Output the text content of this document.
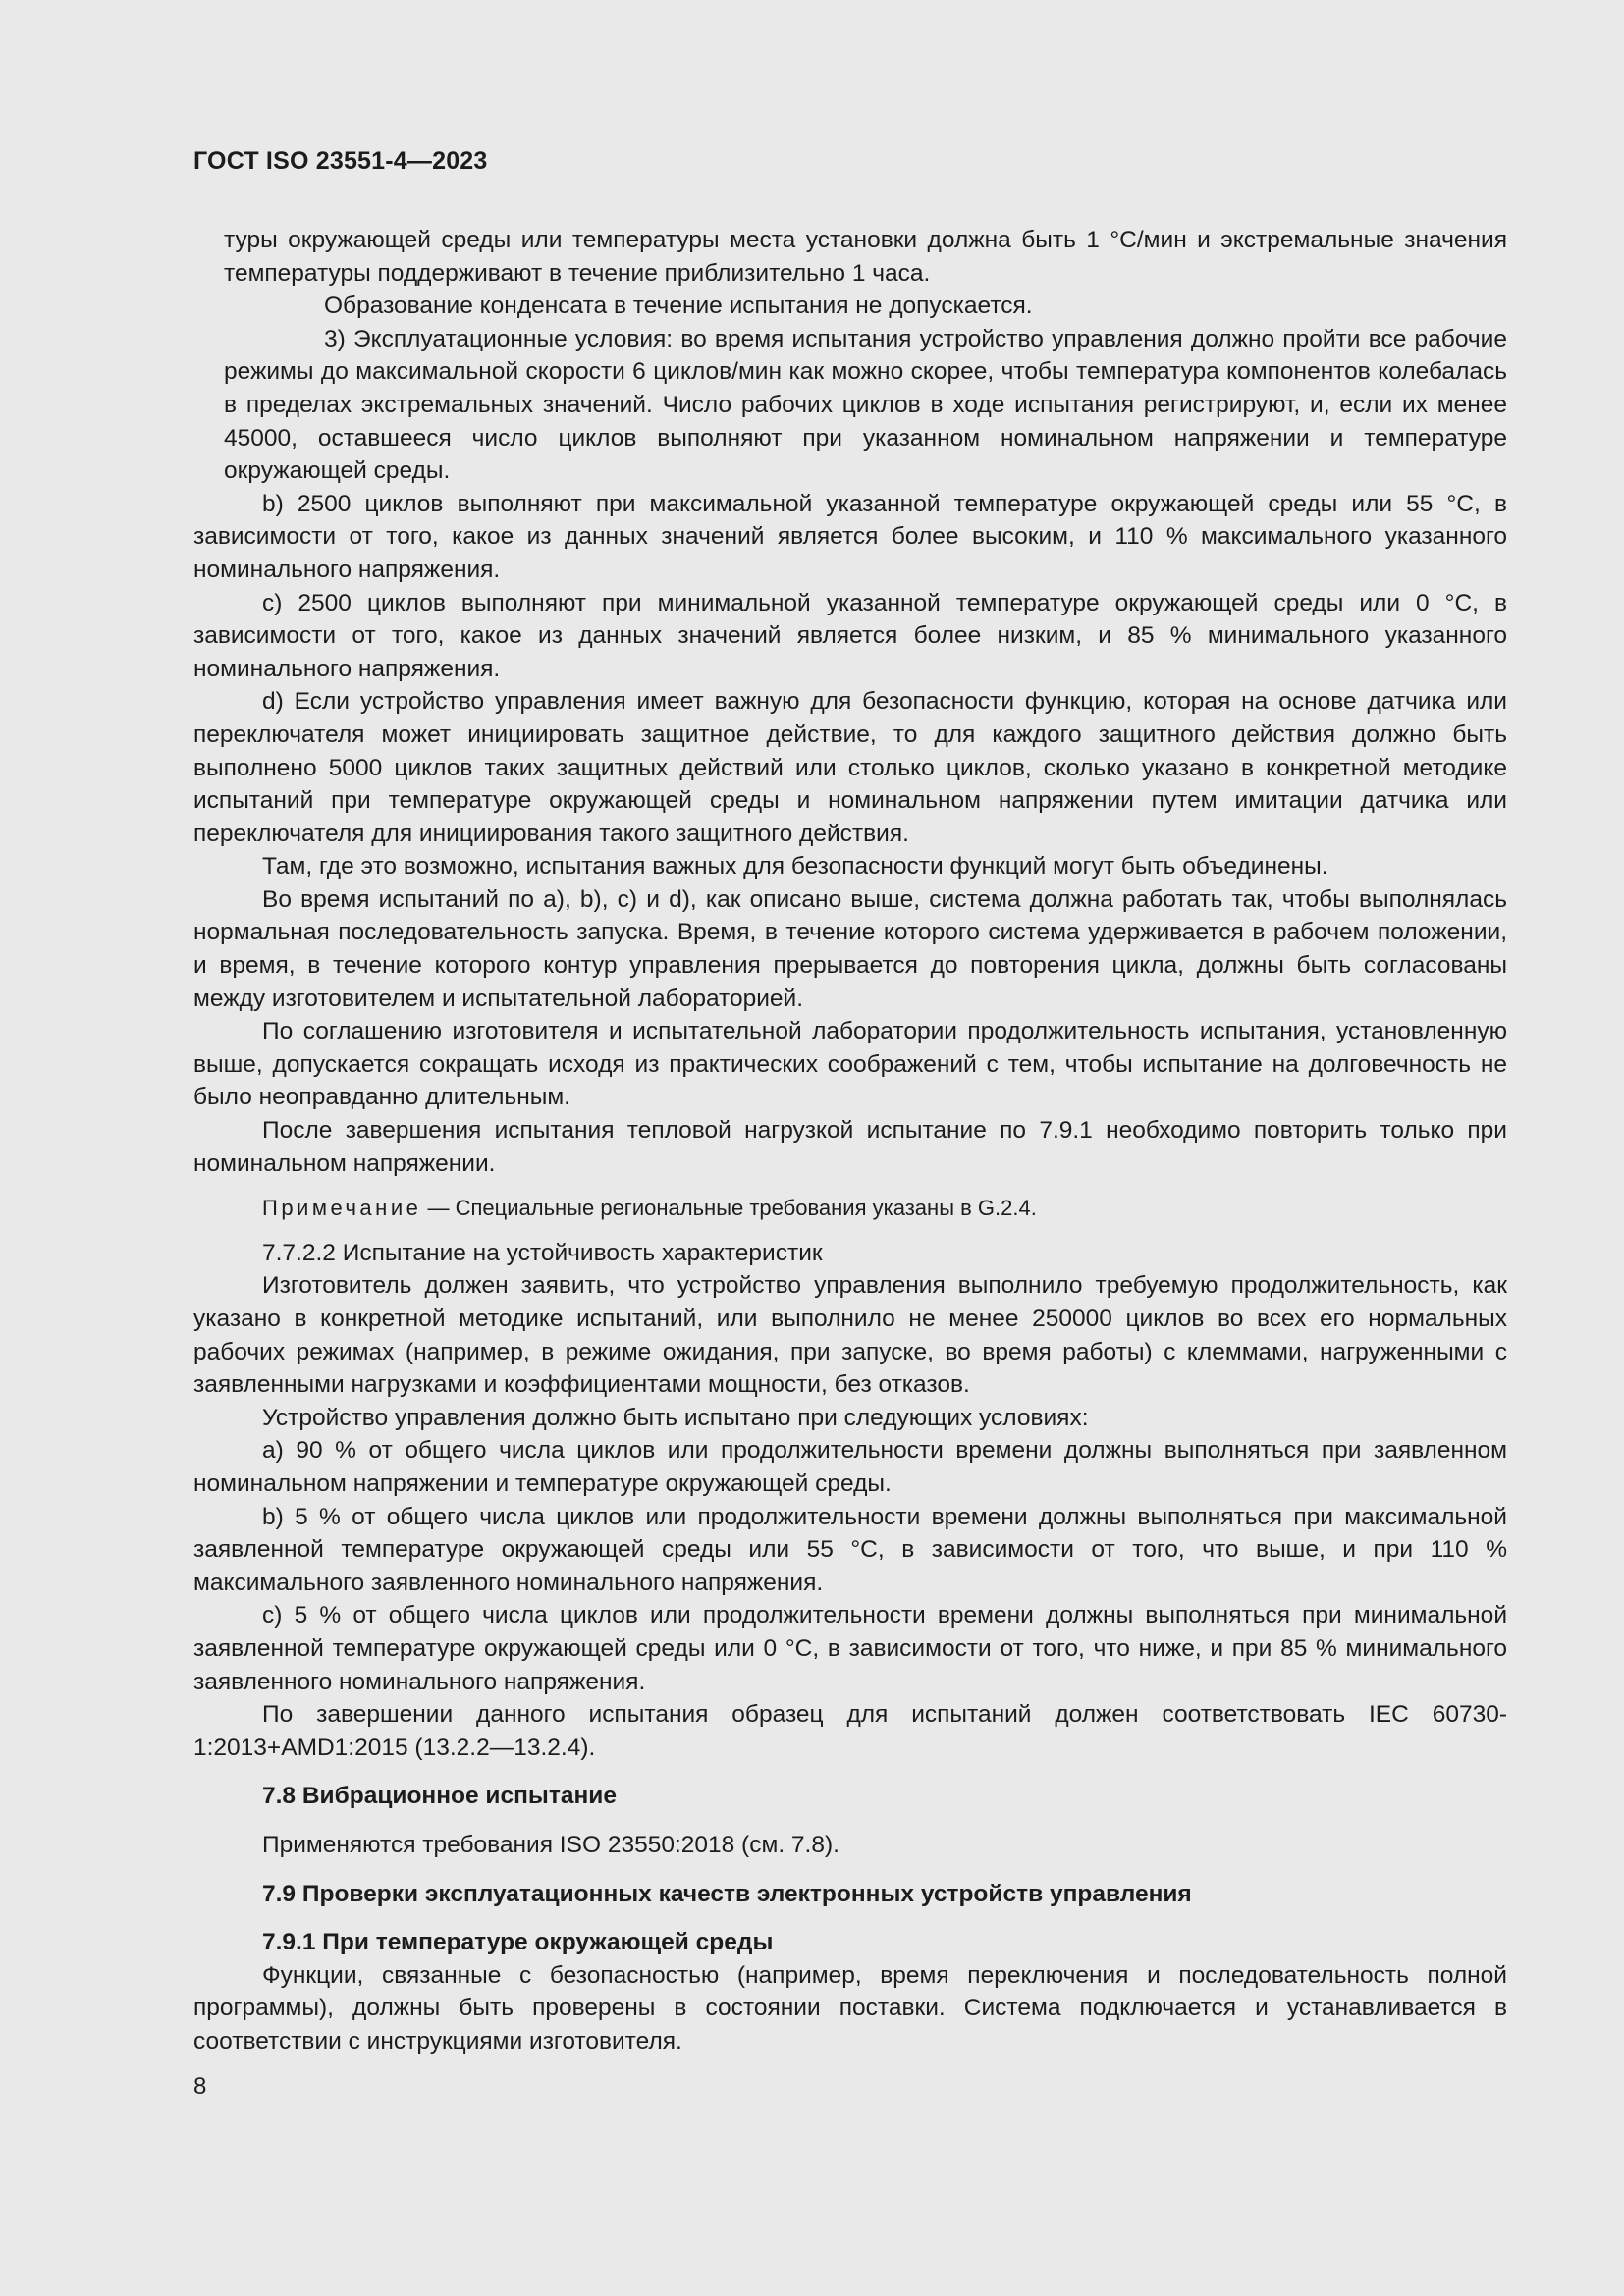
ГОСТ ISO 23551-4—2023

туры окружающей среды или температуры места установки должна быть 1 °С/мин и экстремальные значения температуры поддерживают в течение приблизительно 1 часа.

Образование конденсата в течение испытания не допускается.

3) Эксплуатационные условия: во время испытания устройство управления должно пройти все рабочие режимы до максимальной скорости 6 циклов/мин как можно скорее, чтобы температура компонентов колебалась в пределах экстремальных значений. Число рабочих циклов в ходе испытания регистрируют, и, если их менее 45000, оставшееся число циклов выполняют при указанном номинальном напряжении и температуре окружающей среды.

b) 2500 циклов выполняют при максимальной указанной температуре окружающей среды или 55 °С, в зависимости от того, какое из данных значений является более высоким, и 110 % максимального указанного номинального напряжения.

c) 2500 циклов выполняют при минимальной указанной температуре окружающей среды или 0 °С, в зависимости от того, какое из данных значений является более низким, и 85 % минимального указанного номинального напряжения.

d) Если устройство управления имеет важную для безопасности функцию, которая на основе датчика или переключателя может инициировать защитное действие, то для каждого защитного действия должно быть выполнено 5000 циклов таких защитных действий или столько циклов, сколько указано в конкретной методике испытаний при температуре окружающей среды и номинальном напряжении путем имитации датчика или переключателя для инициирования такого защитного действия.

Там, где это возможно, испытания важных для безопасности функций могут быть объединены.

Во время испытаний по а), b), с) и d), как описано выше, система должна работать так, чтобы выполнялась нормальная последовательность запуска. Время, в течение которого система удерживается в рабочем положении, и время, в течение которого контур управления прерывается до повторения цикла, должны быть согласованы между изготовителем и испытательной лабораторией.

По соглашению изготовителя и испытательной лаборатории продолжительность испытания, установленную выше, допускается сокращать исходя из практических соображений с тем, чтобы испытание на долговечность не было неоправданно длительным.

После завершения испытания тепловой нагрузкой испытание по 7.9.1 необходимо повторить только при номинальном напряжении.

Примечание — Специальные региональные требования указаны в G.2.4.

7.7.2.2 Испытание на устойчивость характеристик

Изготовитель должен заявить, что устройство управления выполнило требуемую продолжительность, как указано в конкретной методике испытаний, или выполнило не менее 250000 циклов во всех его нормальных рабочих режимах (например, в режиме ожидания, при запуске, во время работы) с клеммами, нагруженными с заявленными нагрузками и коэффициентами мощности, без отказов.

Устройство управления должно быть испытано при следующих условиях:

а) 90 % от общего числа циклов или продолжительности времени должны выполняться при заявленном номинальном напряжении и температуре окружающей среды.

b) 5 % от общего числа циклов или продолжительности времени должны выполняться при максимальной заявленной температуре окружающей среды или 55 °С, в зависимости от того, что выше, и при 110 % максимального заявленного номинального напряжения.

c) 5 % от общего числа циклов или продолжительности времени должны выполняться при минимальной заявленной температуре окружающей среды или 0 °С, в зависимости от того, что ниже, и при 85 % минимального заявленного номинального напряжения.

По завершении данного испытания образец для испытаний должен соответствовать IEC 60730-1:2013+AMD1:2015 (13.2.2—13.2.4).

7.8 Вибрационное испытание

Применяются требования ISO 23550:2018 (см. 7.8).

7.9 Проверки эксплуатационных качеств электронных устройств управления

7.9.1 При температуре окружающей среды

Функции, связанные с безопасностью (например, время переключения и последовательность полной программы), должны быть проверены в состоянии поставки. Система подключается и устанавливается в соответствии с инструкциями изготовителя.

8
